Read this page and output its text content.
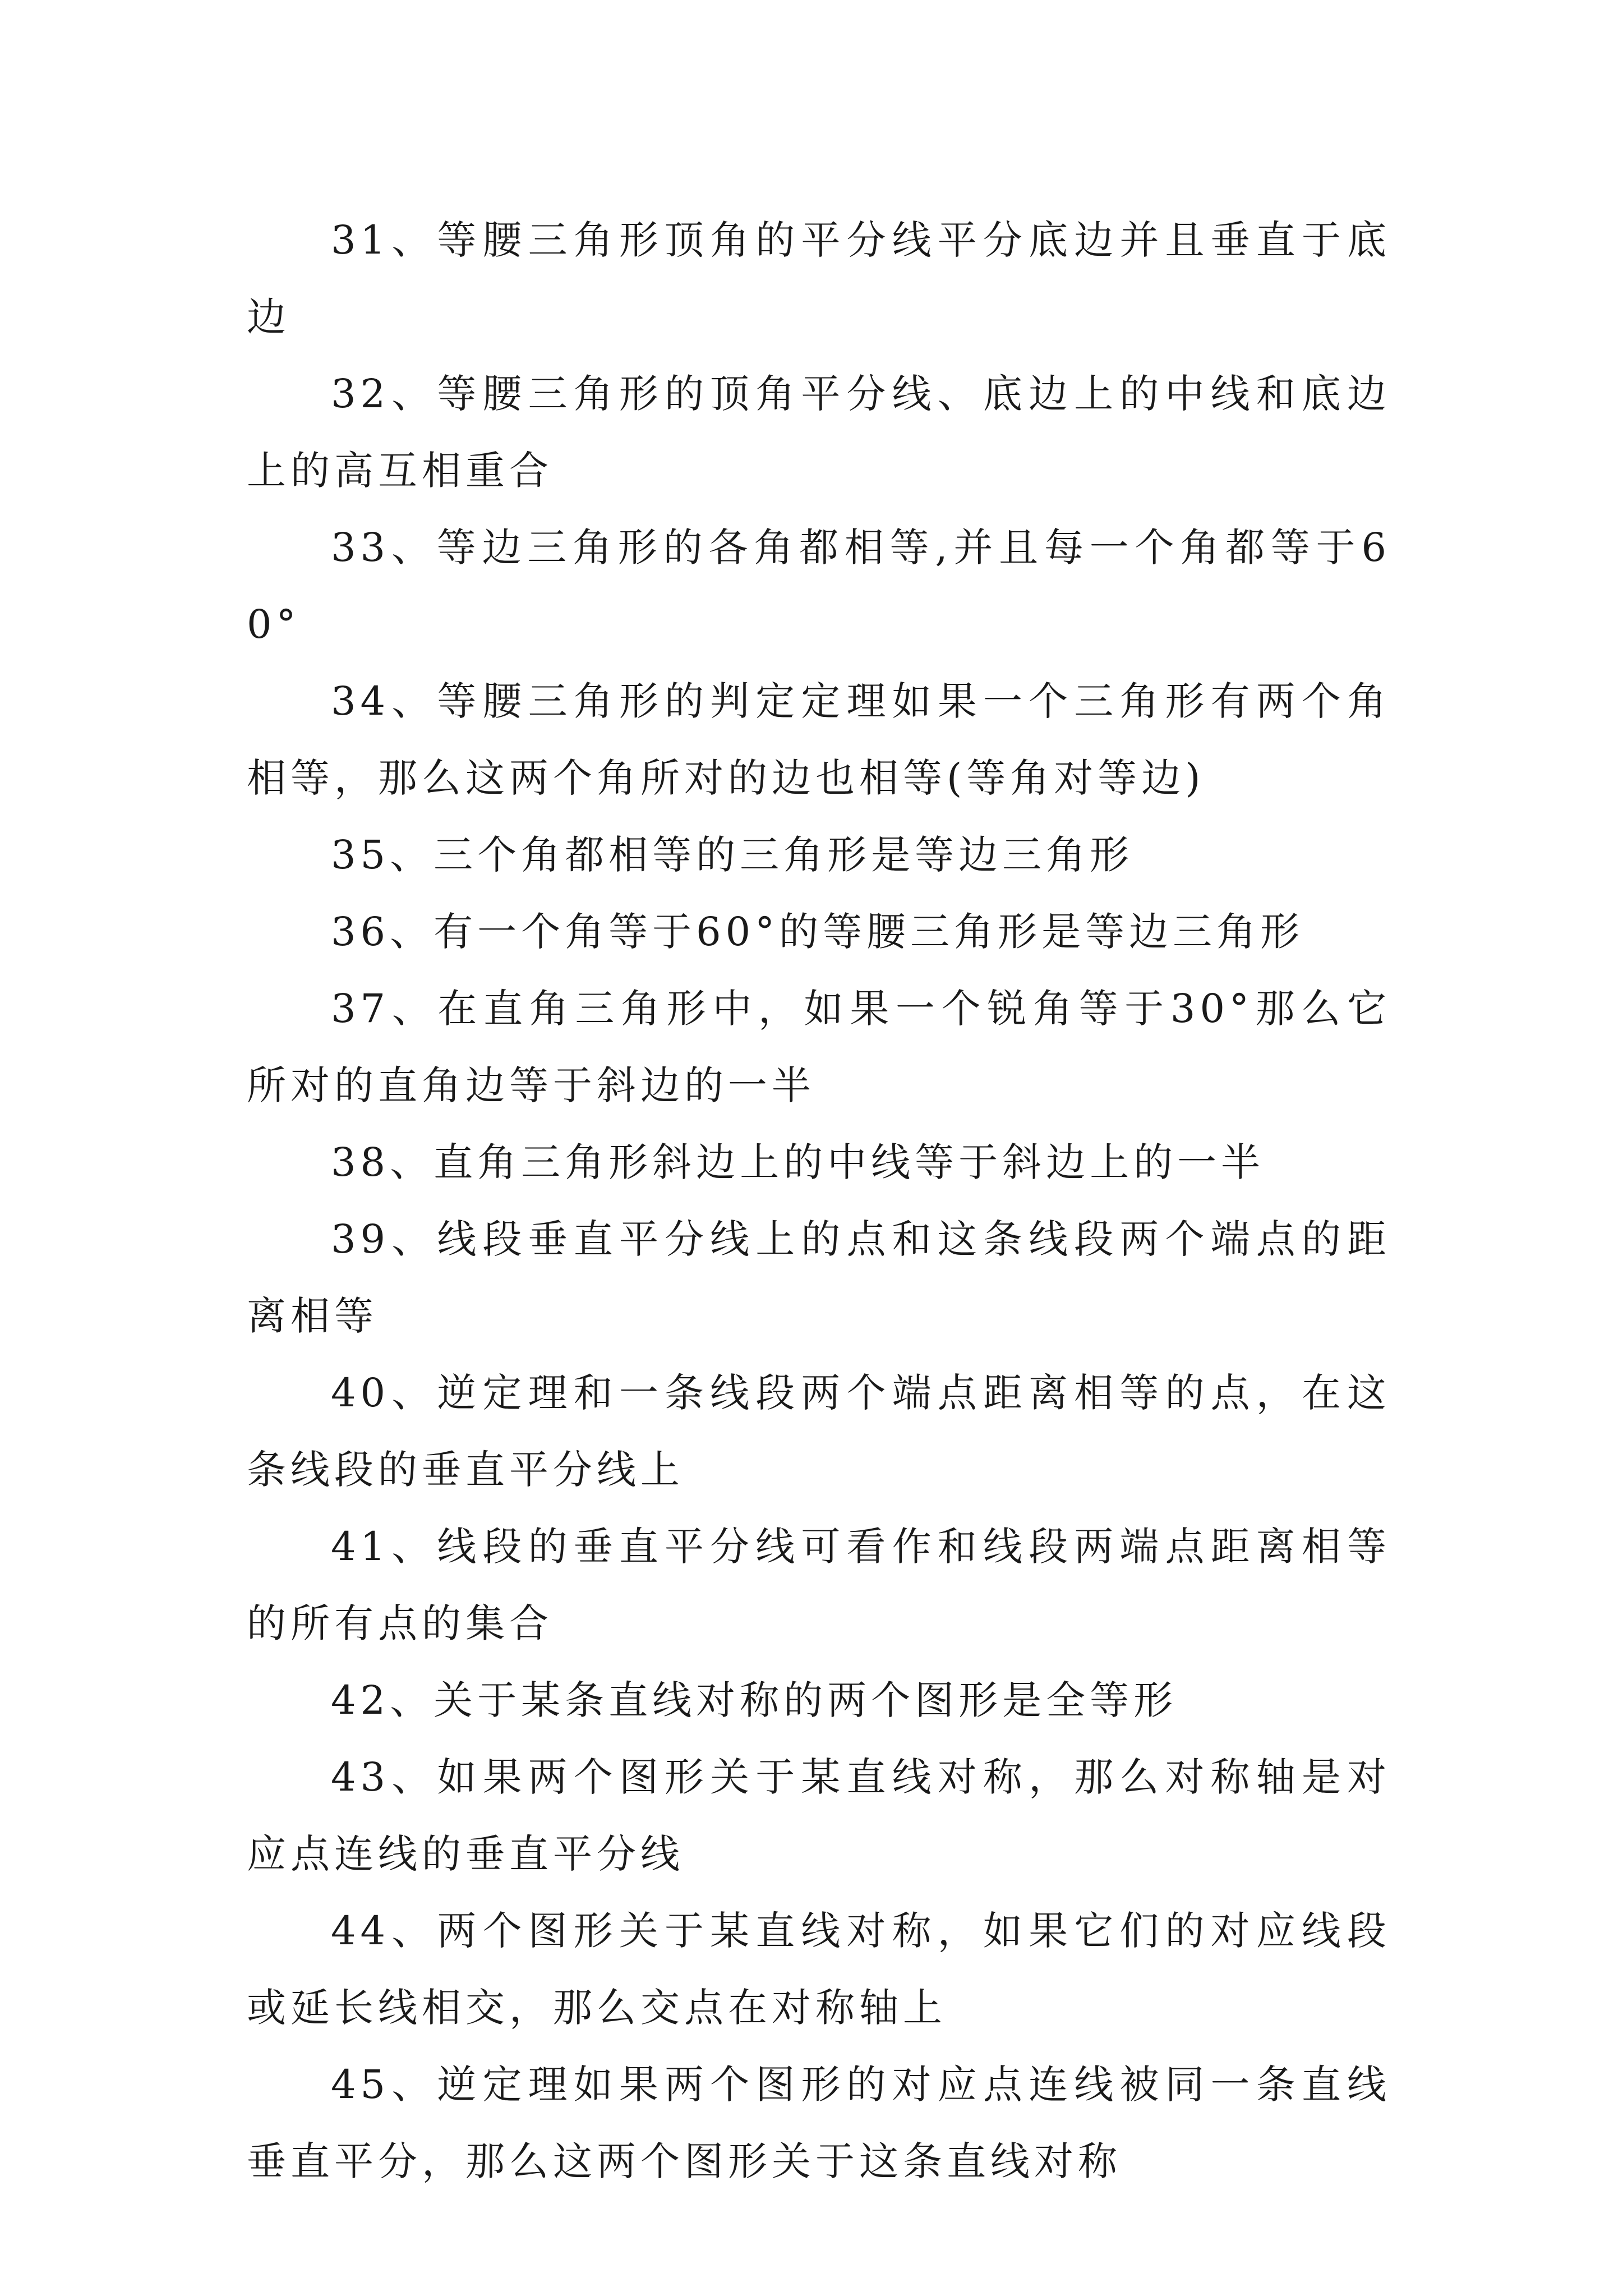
31、等腰三角形顶角的平分线平分底边并且垂直于底边

32、等腰三角形的顶角平分线、底边上的中线和底边上的高互相重合

33、等边三角形的各角都相等,并且每一个角都等于60°

34、等腰三角形的判定定理如果一个三角形有两个角相等，那么这两个角所对的边也相等(等角对等边)

35、三个角都相等的三角形是等边三角形

36、有一个角等于60°的等腰三角形是等边三角形

37、在直角三角形中，如果一个锐角等于30°那么它所对的直角边等于斜边的一半

38、直角三角形斜边上的中线等于斜边上的一半

39、线段垂直平分线上的点和这条线段两个端点的距离相等

40、逆定理和一条线段两个端点距离相等的点，在这条线段的垂直平分线上

41、线段的垂直平分线可看作和线段两端点距离相等的所有点的集合

42、关于某条直线对称的两个图形是全等形

43、如果两个图形关于某直线对称，那么对称轴是对应点连线的垂直平分线

44、两个图形关于某直线对称，如果它们的对应线段或延长线相交，那么交点在对称轴上

45、逆定理如果两个图形的对应点连线被同一条直线垂直平分，那么这两个图形关于这条直线对称
